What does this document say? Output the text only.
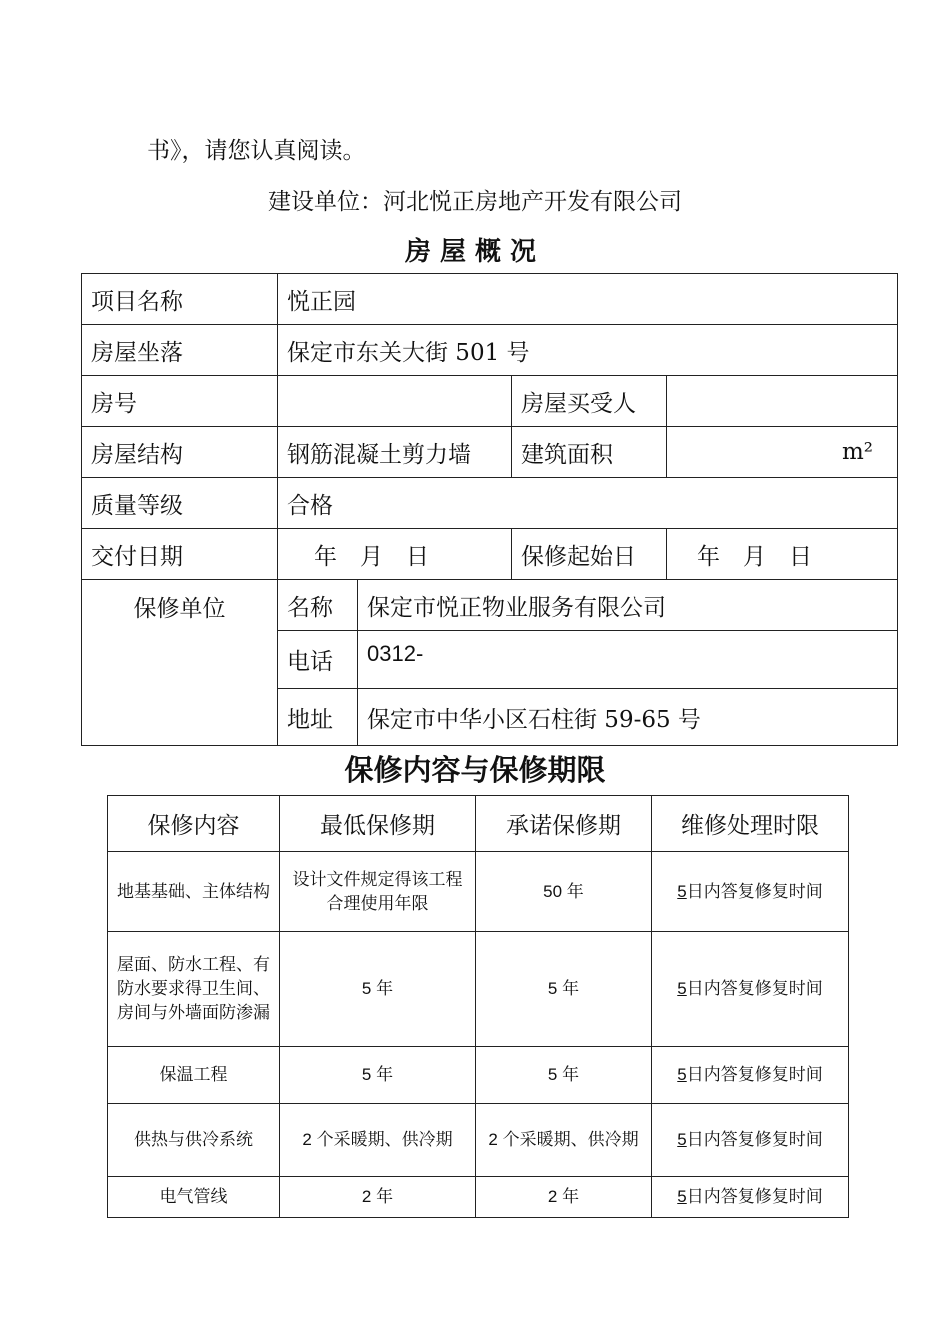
书》，请您认真阅读。
建设单位：河北悦正房地产开发有限公司
房屋概况
项目名称	悦正园			
房屋坐落	保定市东关大街 501 号			
房号			房屋买受人	
房屋结构	钢筋混凝土剪力墙		建筑面积	m²
质量等级	合格			
交付日期	年　月　日		保修起始日	年　月　日
保修单位	名称	保定市悦正物业服务有限公司		
	电话	0312-		
	地址	保定市中华小区石柱街 59-65 号		
保修内容与保修期限
保修内容	最低保修期	承诺保修期	维修处理时限
地基基础、主体结构	设计文件规定得该工程合理使用年限	50 年	5日内答复修复时间
屋面、防水工程、有防水要求得卫生间、房间与外墙面防渗漏	5 年	5 年	5日内答复修复时间
保温工程	5 年	5 年	5日内答复修复时间
供热与供冷系统	2 个采暖期、供冷期	2 个采暖期、供冷期	5日内答复修复时间
电气管线	2 年	2 年	5日内答复修复时间
